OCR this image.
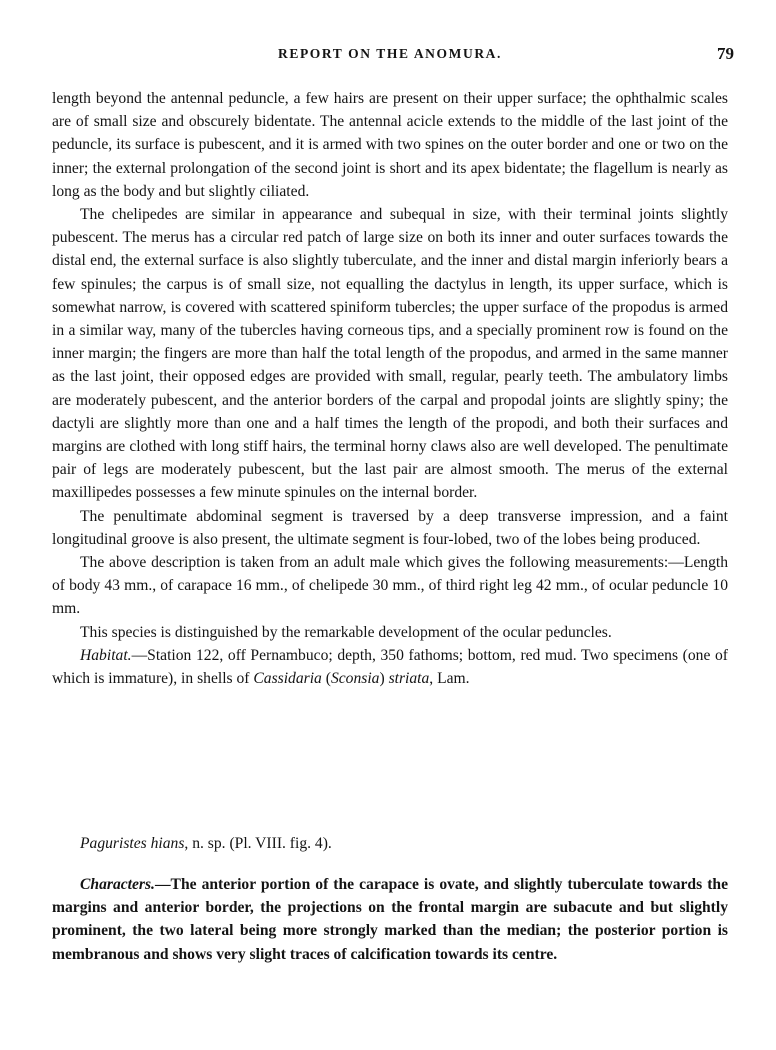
REPORT ON THE ANOMURA.	79

length beyond the antennal peduncle, a few hairs are present on their upper surface; the ophthalmic scales are of small size and obscurely bidentate. The antennal acicle extends to the middle of the last joint of the peduncle, its surface is pubescent, and it is armed with two spines on the outer border and one or two on the inner; the external prolongation of the second joint is short and its apex bidentate; the flagellum is nearly as long as the body and but slightly ciliated.

The chelipedes are similar in appearance and subequal in size, with their terminal joints slightly pubescent. The merus has a circular red patch of large size on both its inner and outer surfaces towards the distal end, the external surface is also slightly tuberculate, and the inner and distal margin inferiorly bears a few spinules; the carpus is of small size, not equalling the dactylus in length, its upper surface, which is somewhat narrow, is covered with scattered spiniform tubercles; the upper surface of the propodus is armed in a similar way, many of the tubercles having corneous tips, and a specially prominent row is found on the inner margin; the fingers are more than half the total length of the propodus, and armed in the same manner as the last joint, their opposed edges are provided with small, regular, pearly teeth. The ambulatory limbs are moderately pubescent, and the anterior borders of the carpal and propodal joints are slightly spiny; the dactyli are slightly more than one and a half times the length of the propodi, and both their surfaces and margins are clothed with long stiff hairs, the terminal horny claws also are well developed. The penultimate pair of legs are moderately pubescent, but the last pair are almost smooth. The merus of the external maxillipedes possesses a few minute spinules on the internal border.

The penultimate abdominal segment is traversed by a deep transverse impression, and a faint longitudinal groove is also present, the ultimate segment is four-lobed, two of the lobes being produced.

The above description is taken from an adult male which gives the following measurements:—Length of body 43 mm., of carapace 16 mm., of chelipede 30 mm., of third right leg 42 mm., of ocular peduncle 10 mm.

This species is distinguished by the remarkable development of the ocular peduncles.

Habitat.—Station 122, off Pernambuco; depth, 350 fathoms; bottom, red mud. Two specimens (one of which is immature), in shells of Cassidaria (Sconsia) striata, Lam.

Paguristes hians, n. sp. (Pl. VIII. fig. 4).

Characters.—The anterior portion of the carapace is ovate, and slightly tuberculate towards the margins and anterior border, the projections on the frontal margin are subacute and but slightly prominent, the two lateral being more strongly marked than the median; the posterior portion is membranous and shows very slight traces of calcification towards its centre.
